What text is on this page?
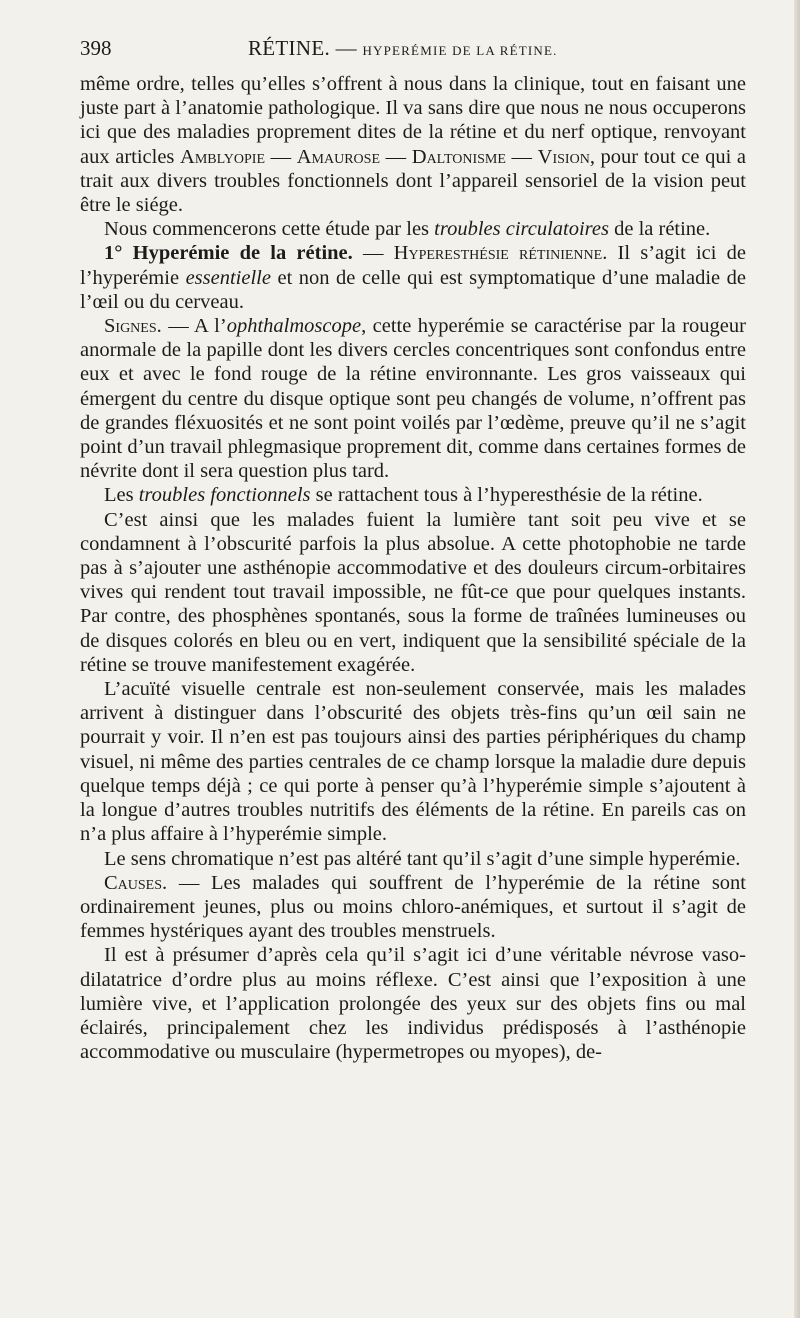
398	RÉTINE. — HYPERÉMIE DE LA RÉTINE.

même ordre, telles qu’elles s’offrent à nous dans la clinique, tout en faisant une juste part à l’anatomie pathologique. Il va sans dire que nous ne nous occuperons ici que des maladies proprement dites de la rétine et du nerf optique, renvoyant aux articles Amblyopie — Amaurose — Daltonisme — Vision, pour tout ce qui a trait aux divers troubles fonctionnels dont l’appareil sensoriel de la vision peut être le siége.

Nous commencerons cette étude par les troubles circulatoires de la rétine.

1° Hyperémie de la rétine. — Hyperesthésie rétinienne. Il s’agit ici de l’hyperémie essentielle et non de celle qui est symptomatique d’une maladie de l’œil ou du cerveau.

Signes. — A l’ophthalmoscope, cette hyperémie se caractérise par la rougeur anormale de la papille dont les divers cercles concentriques sont confondus entre eux et avec le fond rouge de la rétine environnante. Les gros vaisseaux qui émergent du centre du disque optique sont peu changés de volume, n’offrent pas de grandes fléxuosités et ne sont point voilés par l’œdème, preuve qu’il ne s’agit point d’un travail phlegmasique proprement dit, comme dans certaines formes de névrite dont il sera question plus tard.

Les troubles fonctionnels se rattachent tous à l’hyperesthésie de la rétine.

C’est ainsi que les malades fuient la lumière tant soit peu vive et se condamnent à l’obscurité parfois la plus absolue. A cette photophobie ne tarde pas à s’ajouter une asthénopie accommodative et des douleurs circum-orbitaires vives qui rendent tout travail impossible, ne fût-ce que pour quelques instants. Par contre, des phosphènes spontanés, sous la forme de traînées lumineuses ou de disques colorés en bleu ou en vert, indiquent que la sensibilité spéciale de la rétine se trouve manifestement exagérée.

L’acuïté visuelle centrale est non-seulement conservée, mais les malades arrivent à distinguer dans l’obscurité des objets très-fins qu’un œil sain ne pourrait y voir. Il n’en est pas toujours ainsi des parties périphériques du champ visuel, ni même des parties centrales de ce champ lorsque la maladie dure depuis quelque temps déjà ; ce qui porte à penser qu’à l’hyperémie simple s’ajoutent à la longue d’autres troubles nutritifs des éléments de la rétine. En pareils cas on n’a plus affaire à l’hyperémie simple.

Le sens chromatique n’est pas altéré tant qu’il s’agit d’une simple hyperémie.

Causes. — Les malades qui souffrent de l’hyperémie de la rétine sont ordinairement jeunes, plus ou moins chloro-anémiques, et surtout il s’agit de femmes hystériques ayant des troubles menstruels.

Il est à présumer d’après cela qu’il s’agit ici d’une véritable névrose vaso-dilatatrice d’ordre plus au moins réflexe. C’est ainsi que l’exposition à une lumière vive, et l’application prolongée des yeux sur des objets fins ou mal éclairés, principalement chez les individus prédisposés à l’asthénopie accommodative ou musculaire (hypermetropes ou myopes), de-
